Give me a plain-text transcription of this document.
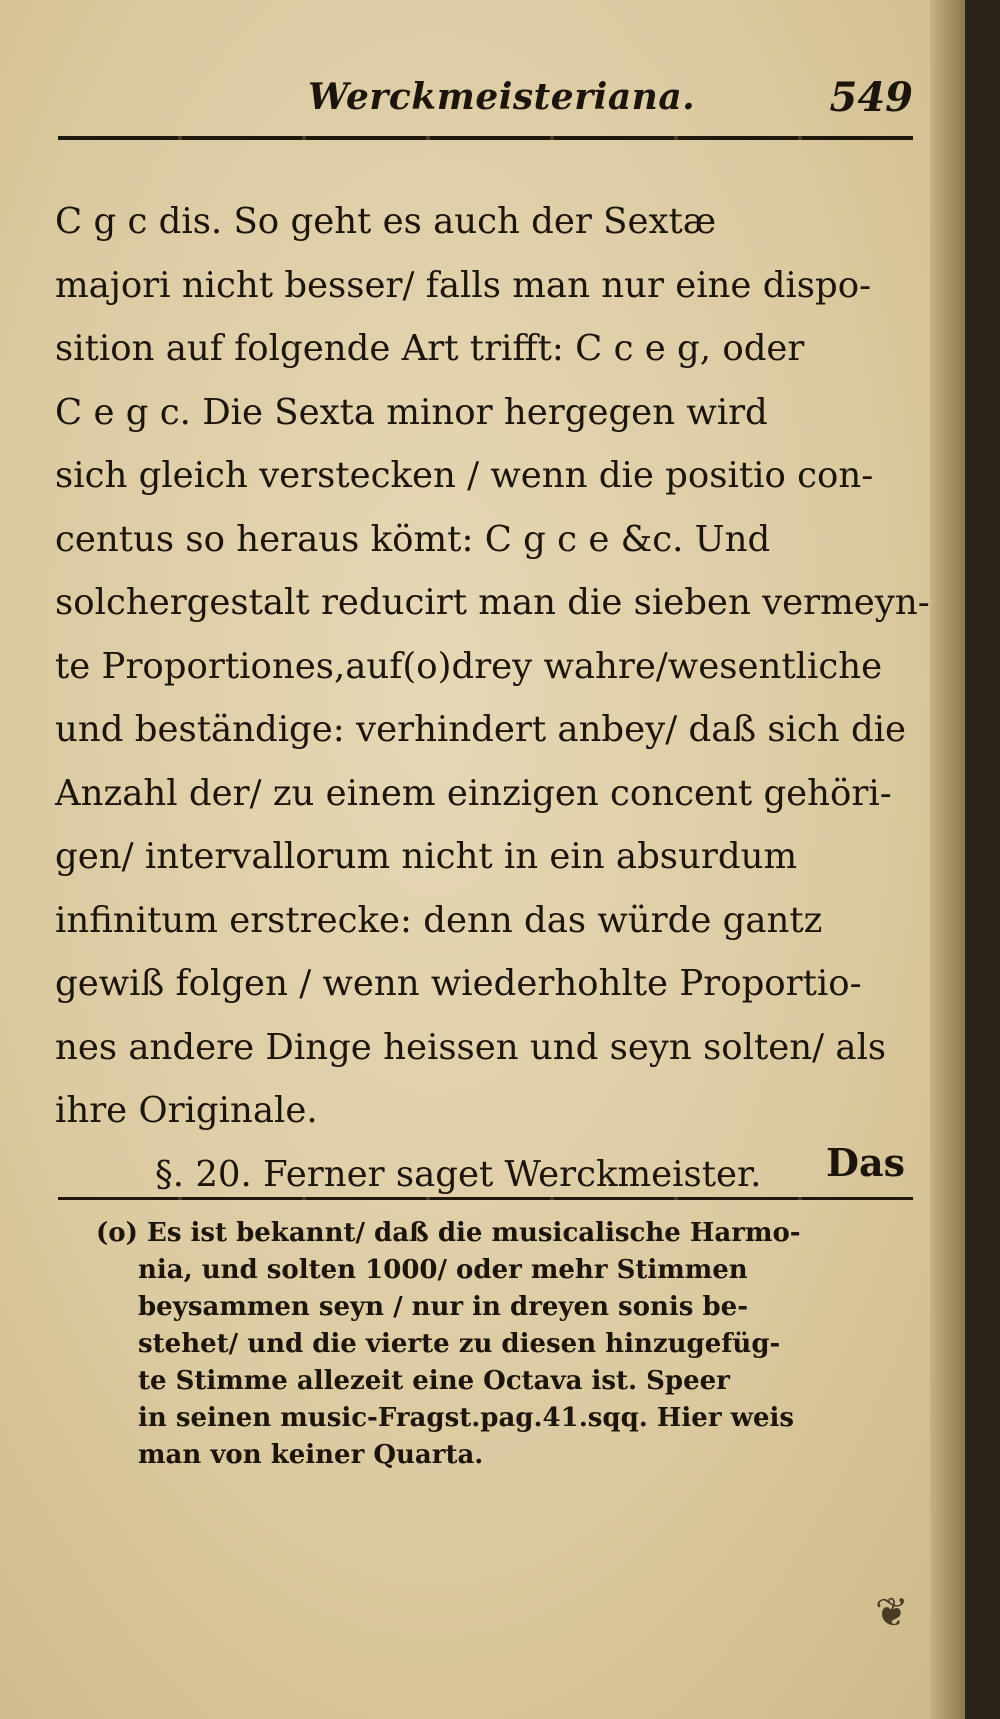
Werckmeisteriana.	549
C g c dis. So geht es auch der Sextæ
majori nicht besser/ falls man nur eine dispo-
sition auf folgende Art trifft: C c e g, oder
C e g c. Die Sexta minor hergegen wird
sich gleich verstecken / wenn die positio con-
centus so heraus kömt: C g c e &c. Und
solchergestalt reducirt man die sieben vermeyn-
te Proportiones,auf(o)drey wahre/wesentliche
und beständige: verhindert anbey/ daß sich die
Anzahl der/ zu einem einzigen concent gehöri-
gen/ intervallorum nicht in ein absurdum
infinitum erstrecke: denn das würde gantz
gewiß folgen / wenn wiederhohlte Proportio-
nes andere Dinge heissen und seyn solten/ als
ihre Originale.
§. 20. Ferner saget Werckmeister.	Das
(o) Es ist bekannt/ daß die musicalische Harmo-
nia, und solten 1000/ oder mehr Stimmen
beysammen seyn / nur in dreyen sonis be-
stehet/ und die vierte zu diesen hinzugefüg-
te Stimme allezeit eine Octava ist. Speer
in seinen music-Fragst.pag.41.sqq. Hier weis
man von keiner Quarta.
❦
